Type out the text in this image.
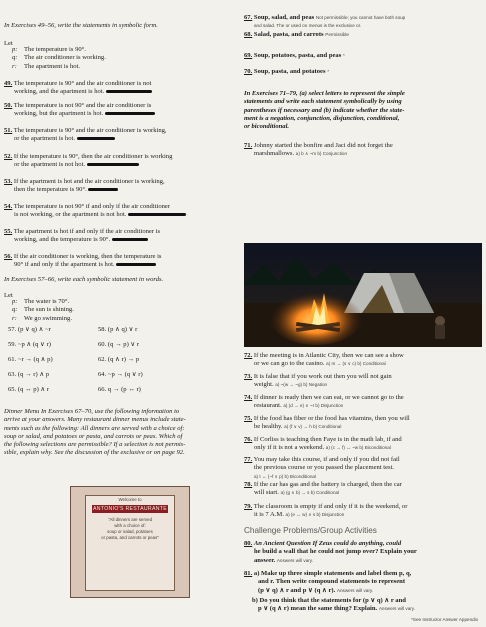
In Exercises 49–56, write the statements in symbolic form.
Let
p: The temperature is 90°.
q: The air conditioner is working.
r: The apartment is hot.
49. The temperature is 90° and the air conditioner is not
working, and the apartment is hot.
50. The temperature is not 90° and the air conditioner is
working, but the apartment is hot.
51. The temperature is 90° and the air conditioner is working,
or the apartment is hot.
52. If the temperature is 90°, then the air conditioner is working
or the apartment is not hot.
53. If the apartment is hot and the air conditioner is working,
then the temperature is 90°.
54. The temperature is not 90° if and only if the air conditioner
is not working, or the apartment is not hot.
55. The apartment is hot if and only if the air conditioner is
working, and the temperature is 90°.
56. If the air conditioner is working, then the temperature is
90° if and only if the apartment is hot.
In Exercises 57–66, write each symbolic statement in words.
Let
p: The water is 70°.
q: The sun is shining.
r: We go swimming.
57. (p ∨ q) ∧ ~r	58. (p ∧ q) ∨ r
59. ~p ∧ (q ∨ r)	60. (q → p) ∨ r
61. ~r → (q ∧ p)	62. (q ∧ r) → p
63. (q → r) ∧ p	64. ~p → (q ∨ r)
65. (q ↔ p) ∧ r	66. q → (p ↔ r)
Dinner Menu In Exercises 67–70, use the following information to
arrive at your answers. Many restaurant dinner menus include state-
ments such as the following: All dinners are served with a choice of:
soup or salad, and potatoes or pasta, and carrots or peas. Which of
the following selections are permissible? If a selection is not permis-
sible, explain why. See the discussion of the exclusive or on page 92.
Welcome to
ANTONIO'S RESTAURANTE
"All dinners are served
with a choice of:
soup or salad, potatoes
or pasta, and carrots or peas"
67. Soup, salad, and peas Not permissible; you cannot have both soup
and salad. The or used on menus is the exclusive or.
68. Salad, pasta, and carrots Permissible
69. Soup, potatoes, pasta, and peas *
70. Soup, pasta, and potatoes *
In Exercises 71–79, (a) select letters to represent the simple
statements and write each statement symbolically by using
parentheses if necessary and (b) indicate whether the state-
ment is a negation, conjunction, disjunction, conditional,
or biconditional.
71. Johnny started the bonfire and Jaci did not forget the
marshmallows. a) b ∧ ~m b) Conjunction
72. If the meeting is in Atlantic City, then we can see a show
or we can go to the casino. a) m → (s ∨ c) b) Conditional
73. It is false that if you work out then you will not gain
weight. a) ~(w → ~g) b) Negation
74. If dinner is ready then we can eat, or we cannot go to the
restaurant. a) (d → e) ∨ ~r b) Disjunction
75. If the food has fiber or the food has vitamins, then you will
be healthy. a) (f ∨ v) → h b) Conditional
76. If Corliss is teaching then Faye is in the math lab, if and
only if it is not a weekend. a) (c → f) ↔ ~w b) Biconditional
77. You may take this course, if and only if you did not fail
the previous course or you passed the placement test.
a) t ↔ (~f ∨ p) b) Biconditional
78. If the car has gas and the battery is charged, then the car
will start. a) (g ∧ b) → s b) Conditional
79. The classroom is empty if and only if it is the weekend, or
it is 7 A.M. a) (e ↔ w) ∨ s b) Disjunction
Challenge Problems/Group Activities
80. An Ancient Question If Zeus could do anything, could
he build a wall that he could not jump over? Explain your
answer. Answers will vary.
81. a) Make up three simple statements and label them p, q,
and r. Then write compound statements to represent
(p ∨ q) ∧ r and p ∨ (q ∧ r). Answers will vary.
b) Do you think that the statements for (p ∨ q) ∧ r and
p ∨ (q ∧ r) mean the same thing? Explain. Answers will vary.
*See Instructor Answer Appendix
